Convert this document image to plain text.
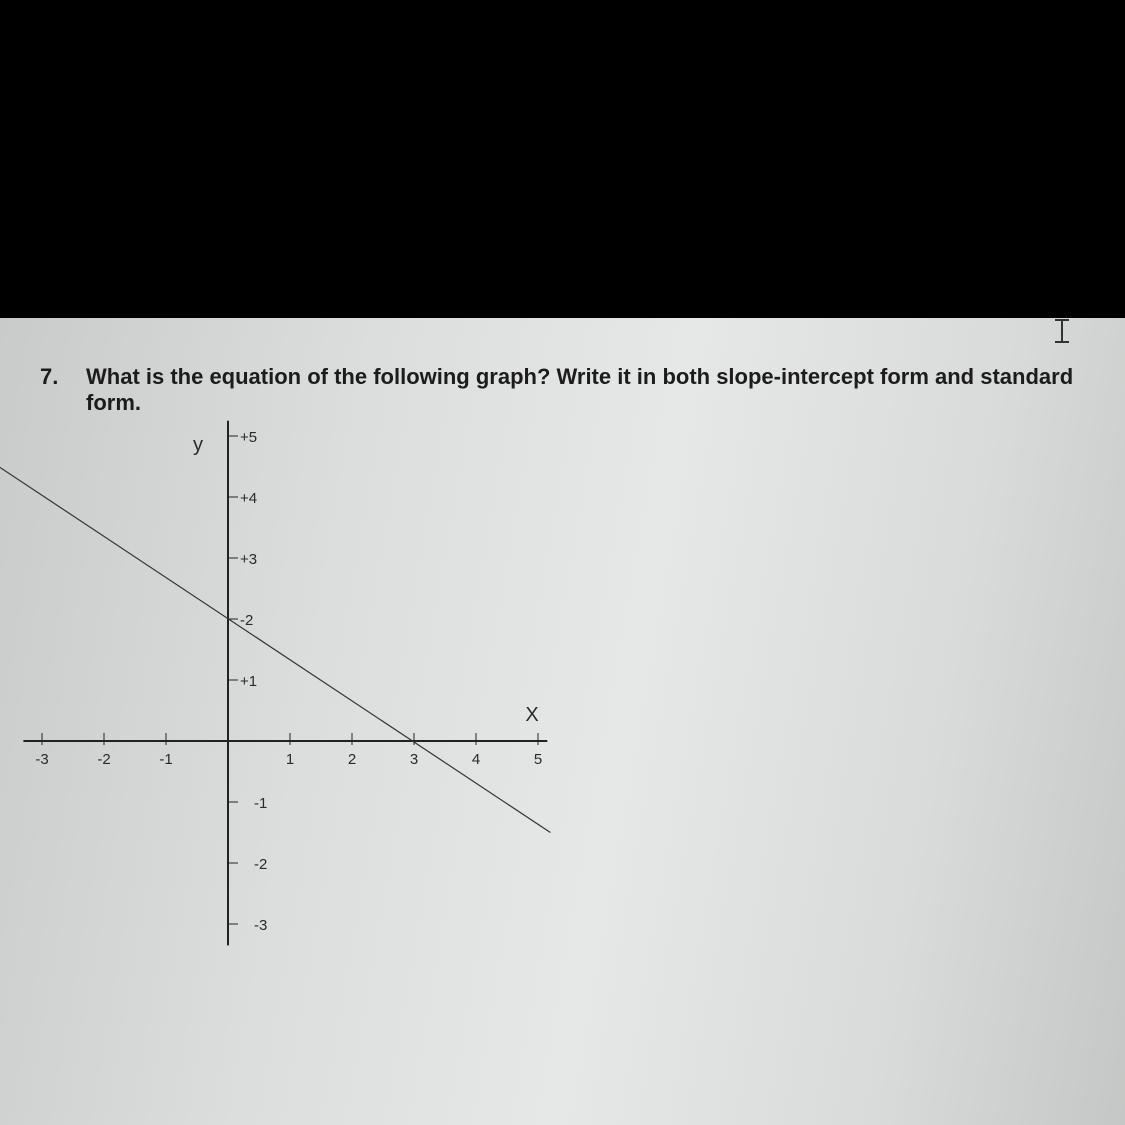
7. What is the equation of the following graph? Write it in both slope-intercept form and standard form.
-3	-2	-1	1	2	3	4	5
+5
+4
+3
-2
+1
-1
-2
-3
y
X
